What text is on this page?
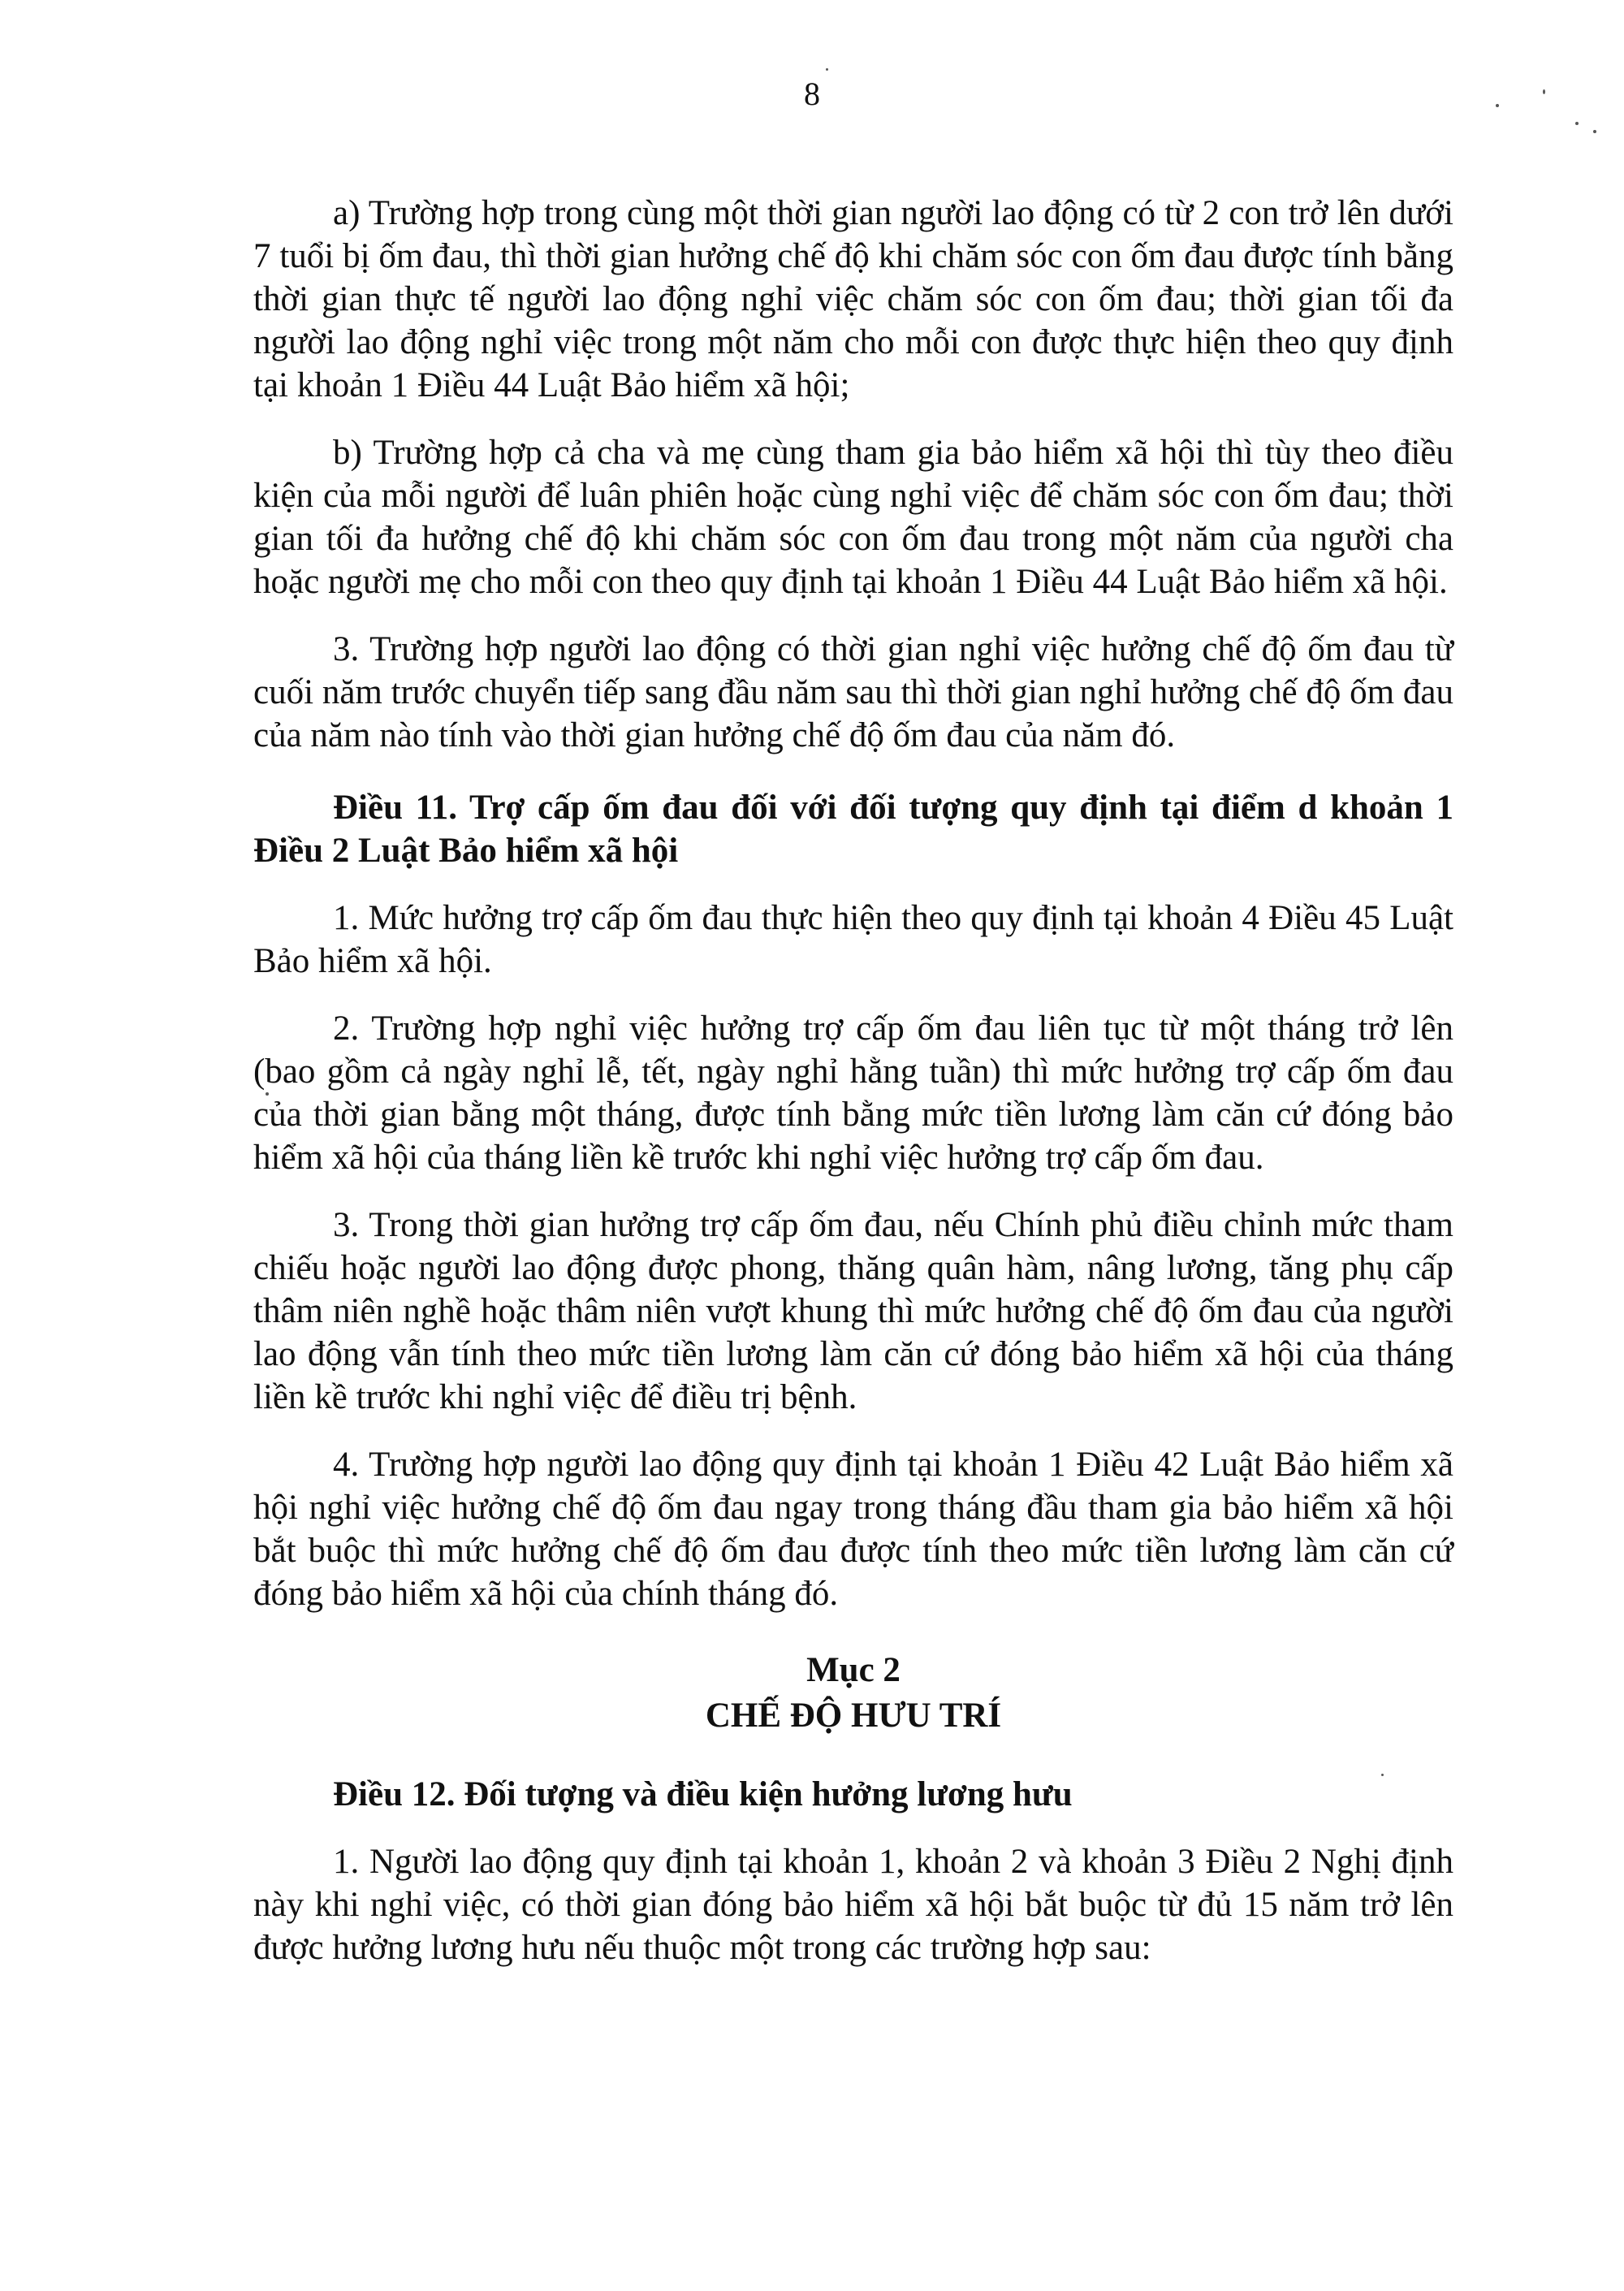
8

a) Trường hợp trong cùng một thời gian người lao động có từ 2 con trở lên dưới 7 tuổi bị ốm đau, thì thời gian hưởng chế độ khi chăm sóc con ốm đau được tính bằng thời gian thực tế người lao động nghỉ việc chăm sóc con ốm đau; thời gian tối đa người lao động nghỉ việc trong một năm cho mỗi con được thực hiện theo quy định tại khoản 1 Điều 44 Luật Bảo hiểm xã hội;

b) Trường hợp cả cha và mẹ cùng tham gia bảo hiểm xã hội thì tùy theo điều kiện của mỗi người để luân phiên hoặc cùng nghỉ việc để chăm sóc con ốm đau; thời gian tối đa hưởng chế độ khi chăm sóc con ốm đau trong một năm của người cha hoặc người mẹ cho mỗi con theo quy định tại khoản 1 Điều 44 Luật Bảo hiểm xã hội.

3. Trường hợp người lao động có thời gian nghỉ việc hưởng chế độ ốm đau từ cuối năm trước chuyển tiếp sang đầu năm sau thì thời gian nghỉ hưởng chế độ ốm đau của năm nào tính vào thời gian hưởng chế độ ốm đau của năm đó.

Điều 11. Trợ cấp ốm đau đối với đối tượng quy định tại điểm d khoản 1 Điều 2 Luật Bảo hiểm xã hội

1. Mức hưởng trợ cấp ốm đau thực hiện theo quy định tại khoản 4 Điều 45 Luật Bảo hiểm xã hội.

2. Trường hợp nghỉ việc hưởng trợ cấp ốm đau liên tục từ một tháng trở lên (bao gồm cả ngày nghỉ lễ, tết, ngày nghỉ hằng tuần) thì mức hưởng trợ cấp ốm đau của thời gian bằng một tháng, được tính bằng mức tiền lương làm căn cứ đóng bảo hiểm xã hội của tháng liền kề trước khi nghỉ việc hưởng trợ cấp ốm đau.

3. Trong thời gian hưởng trợ cấp ốm đau, nếu Chính phủ điều chỉnh mức tham chiếu hoặc người lao động được phong, thăng quân hàm, nâng lương, tăng phụ cấp thâm niên nghề hoặc thâm niên vượt khung thì mức hưởng chế độ ốm đau của người lao động vẫn tính theo mức tiền lương làm căn cứ đóng bảo hiểm xã hội của tháng liền kề trước khi nghỉ việc để điều trị bệnh.

4. Trường hợp người lao động quy định tại khoản 1 Điều 42 Luật Bảo hiểm xã hội nghỉ việc hưởng chế độ ốm đau ngay trong tháng đầu tham gia bảo hiểm xã hội bắt buộc thì mức hưởng chế độ ốm đau được tính theo mức tiền lương làm căn cứ đóng bảo hiểm xã hội của chính tháng đó.

Mục 2
CHẾ ĐỘ HƯU TRÍ

Điều 12. Đối tượng và điều kiện hưởng lương hưu

1. Người lao động quy định tại khoản 1, khoản 2 và khoản 3 Điều 2 Nghị định này khi nghỉ việc, có thời gian đóng bảo hiểm xã hội bắt buộc từ đủ 15 năm trở lên được hưởng lương hưu nếu thuộc một trong các trường hợp sau:
